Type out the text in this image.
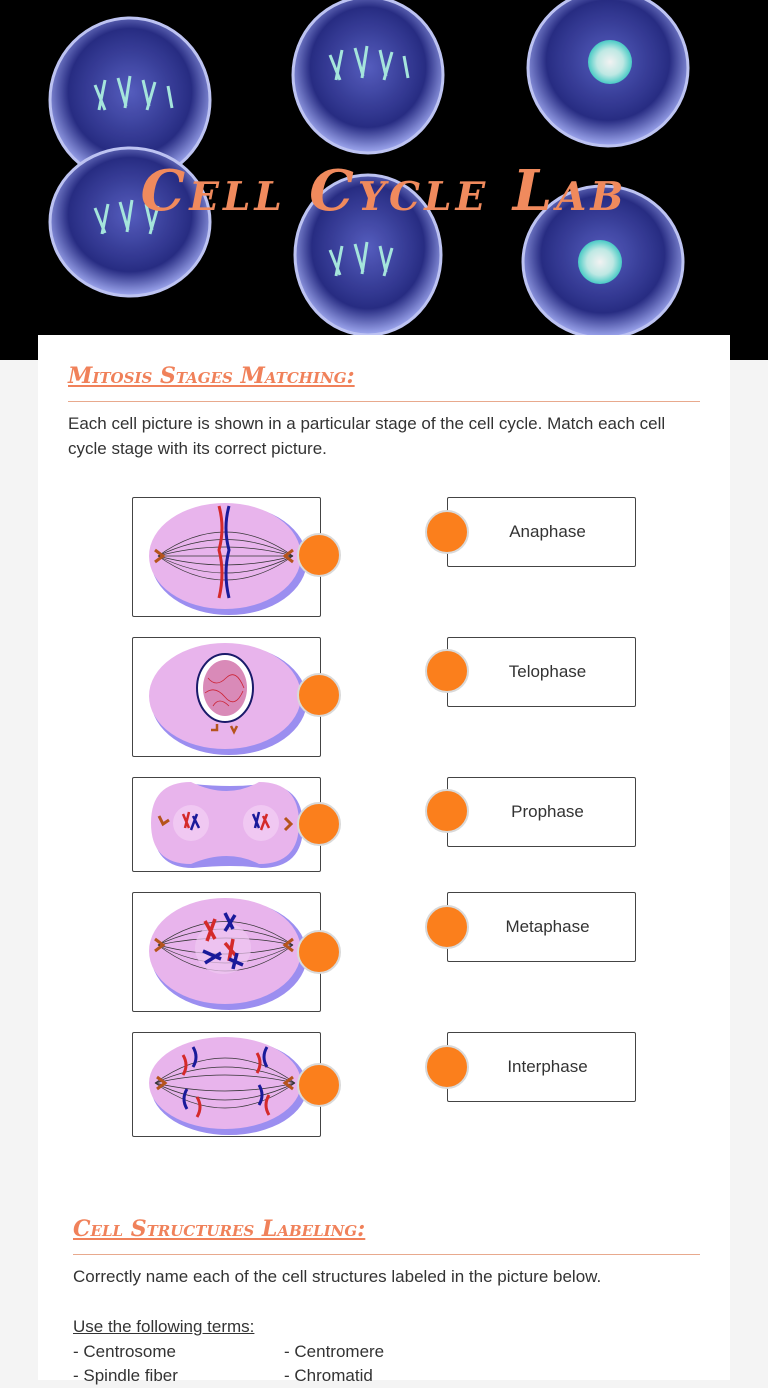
Cell Cycle Lab
Mitosis Stages Matching:
Each cell picture is shown in a particular stage of the cell cycle. Match each cell cycle stage with its correct picture.
Anaphase
Telophase
Prophase
Metaphase
Interphase
Cell Structures Labeling:
Correctly name each of the cell structures labeled in the picture below.
Use the following terms:
- Centrosome
- Spindle fiber
- Centromere
- Chromatid
